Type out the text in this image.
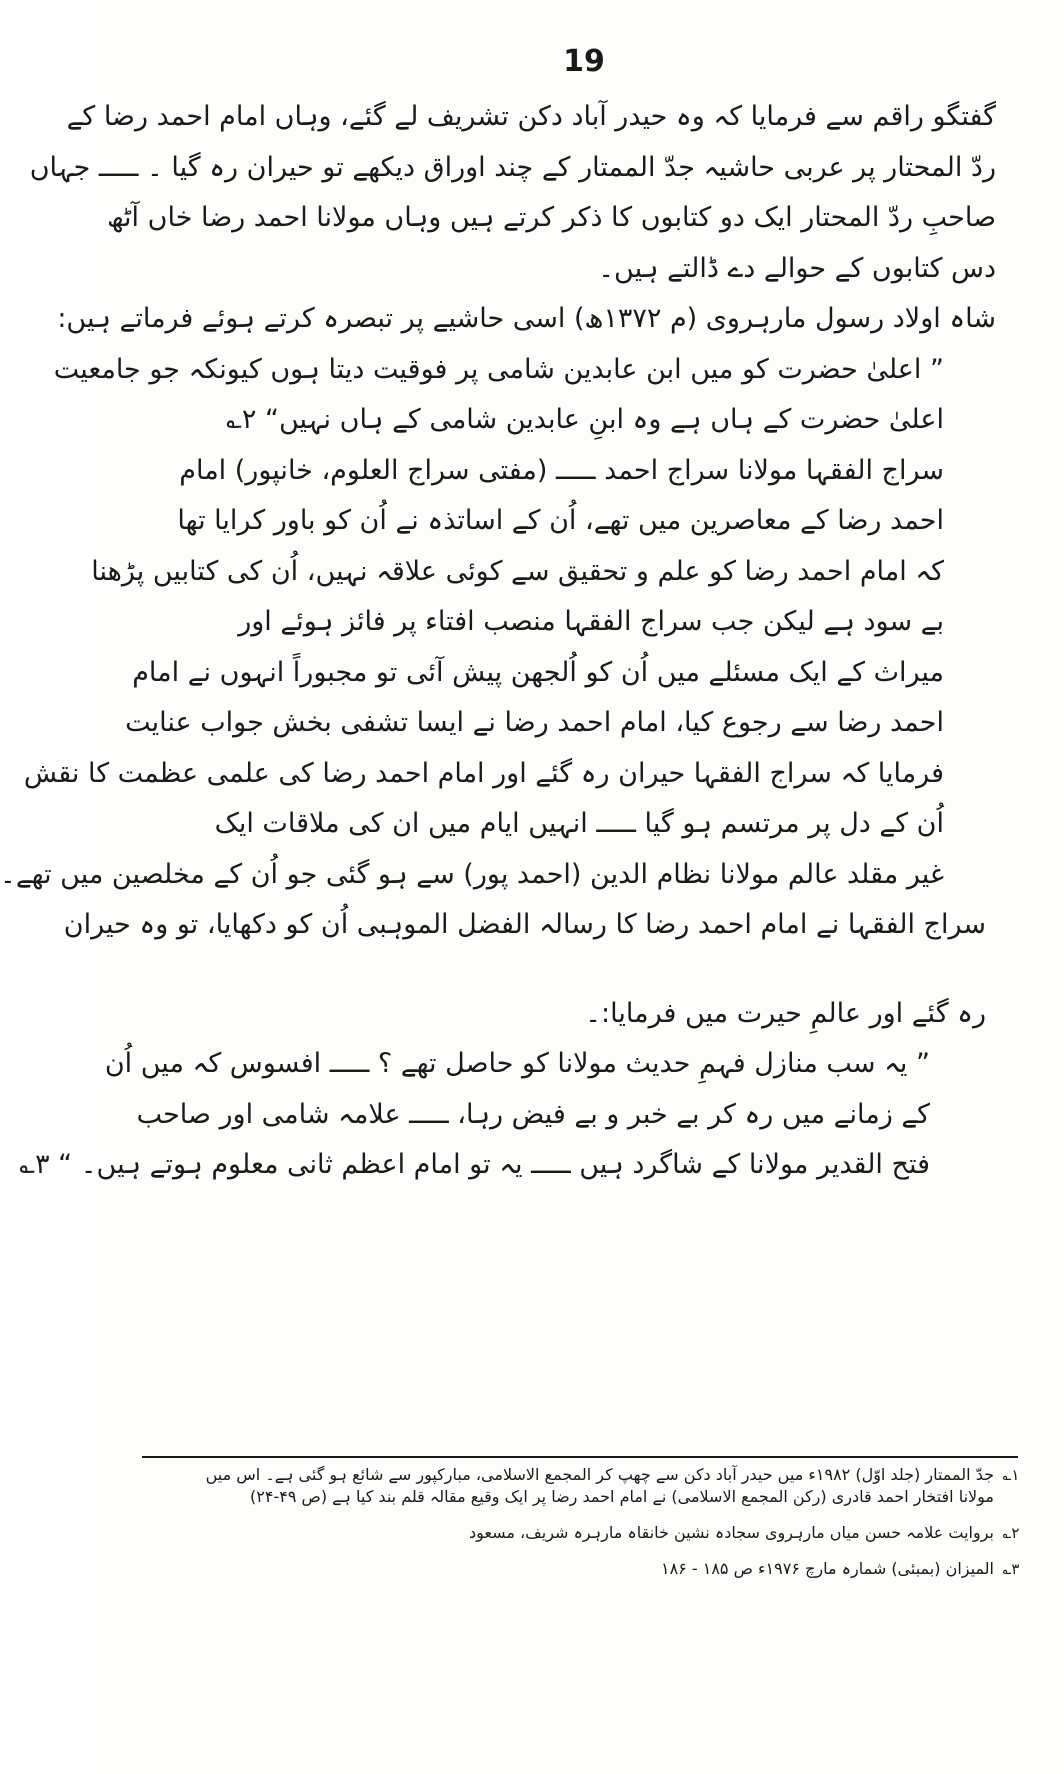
19
گفتگو راقم سے فرمایا کہ وہ حیدر آباد دکن تشریف لے گئے، وہاں امام احمد رضا کے
ردّ المحتار پر عربی حاشیہ جدّ الممتار کے چند اوراق دیکھے تو حیران رہ گیا ۔ ـــــ جہاں
صاحبِ ردّ المحتار ایک دو کتابوں کا ذکر کرتے ہیں وہاں مولانا احمد رضا خاں آٹھ
دس کتابوں کے حوالے دے ڈالتے ہیں۔
شاہ اولاد رسول مارہروی (م ۱۳۷۲ھ) اسی حاشیے پر تبصرہ کرتے ہوئے فرماتے ہیں:
” اعلیٰ حضرت کو میں ابن عابدین شامی پر فوقیت دیتا ہوں کیونکہ جو جامعیت
اعلیٰ حضرت کے ہاں ہے وہ ابنِ عابدین شامی کے ہاں نہیں“ ۲؎
سراج الفقہا مولانا سراج احمد ـــــ (مفتی سراج العلوم، خانپور) امام
احمد رضا کے معاصرین میں تھے، اُن کے اساتذہ نے اُن کو باور کرایا تھا
کہ امام احمد رضا کو علم و تحقیق سے کوئی علاقہ نہیں، اُن کی کتابیں پڑھنا
بے سود ہے لیکن جب سراج الفقہا منصب افتاء پر فائز ہوئے اور
میراث کے ایک مسئلے میں اُن کو اُلجھن پیش آئی تو مجبوراً انہوں نے امام
احمد رضا سے رجوع کیا، امام احمد رضا نے ایسا تشفی بخش جواب عنایت
فرمایا کہ سراج الفقہا حیران رہ گئے اور امام احمد رضا کی علمی عظمت کا نقش
اُن کے دل پر مرتسم ہو گیا ـــــ انہیں ایام میں ان کی ملاقات ایک
غیر مقلد عالم مولانا نظام الدین (احمد پور) سے ہو گئی جو اُن کے مخلصین میں تھے۔
سراج الفقہا نے امام احمد رضا کا رسالہ الفضل الموہبی اُن کو دکھایا، تو وہ حیران
رہ گئے اور عالمِ حیرت میں فرمایا:۔
” یہ سب منازل فہمِ حدیث مولانا کو حاصل تھے ؟ ـــــ افسوس کہ میں اُن
کے زمانے میں رہ کر بے خبر و بے فیض رہا، ـــــ علامہ شامی اور صاحب
فتح القدیر مولانا کے شاگرد ہیں ـــــ یہ تو امام اعظم ثانی معلوم ہوتے ہیں۔ “ ۳؎
۱؎
جدّ الممتار (جلد اوّل) ۱۹۸۲ء میں حیدر آباد دکن سے چھپ کر المجمع الاسلامی، مبارکپور سے شائع ہو گئی ہے۔ اس میں
مولانا افتخار احمد قادری (رکن المجمع الاسلامی) نے امام احمد رضا پر ایک وقیع مقالہ قلم بند کیا ہے (ص ۴۹-۲۴)
۲؎
بروایت علامہ حسن میاں مارہروی سجادہ نشین خانقاہ مارہرہ شریف، مسعود
۳؎
المیزان (بمبئی) شمارہ مارچ ۱۹۷۶ء ص ۱۸۵ - ۱۸۶
